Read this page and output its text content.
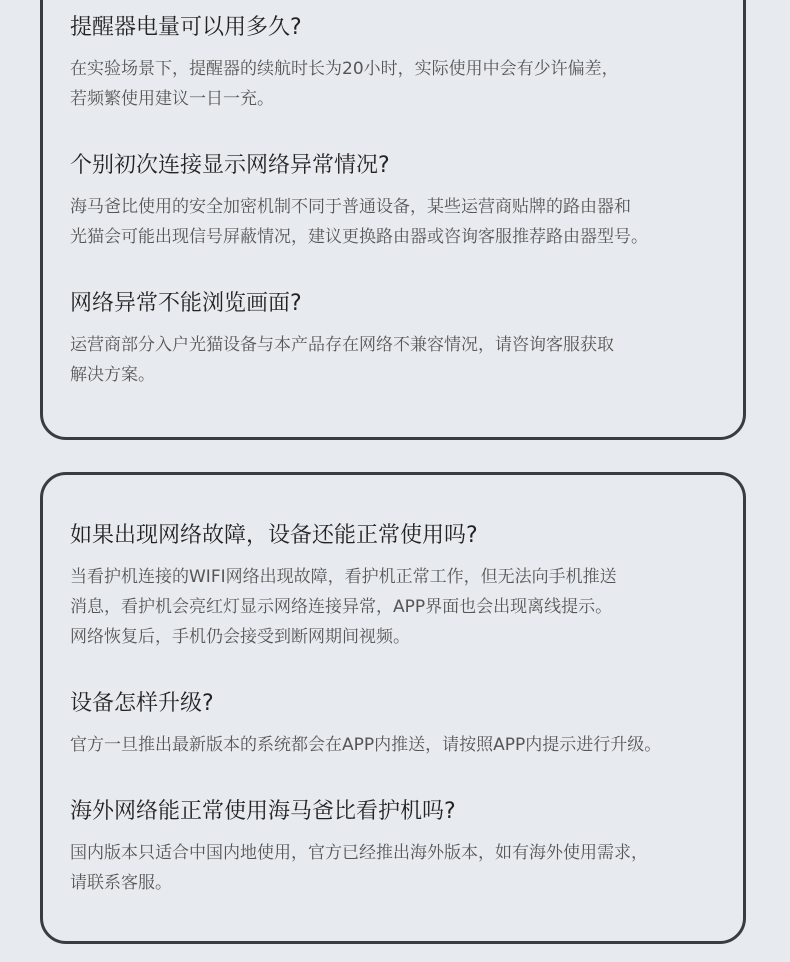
提醒器电量可以用多久?
在实验场景下，提醒器的续航时长为20小时，实际使用中会有少许偏差，
若频繁使用建议一日一充。
个别初次连接显示网络异常情况?
海马爸比使用的安全加密机制不同于普通设备，某些运营商贴牌的路由器和
光猫会可能出现信号屏蔽情况，建议更换路由器或咨询客服推荐路由器型号。
网络异常不能浏览画面?
运营商部分入户光猫设备与本产品存在网络不兼容情况，请咨询客服获取
解决方案。
如果出现网络故障，设备还能正常使用吗?
当看护机连接的WIFI网络出现故障，看护机正常工作，但无法向手机推送
消息，看护机会亮红灯显示网络连接异常，APP界面也会出现离线提示。
网络恢复后，手机仍会接受到断网期间视频。
设备怎样升级?
官方一旦推出最新版本的系统都会在APP内推送，请按照APP内提示进行升级。
海外网络能正常使用海马爸比看护机吗?
国内版本只适合中国内地使用，官方已经推出海外版本，如有海外使用需求，
请联系客服。
